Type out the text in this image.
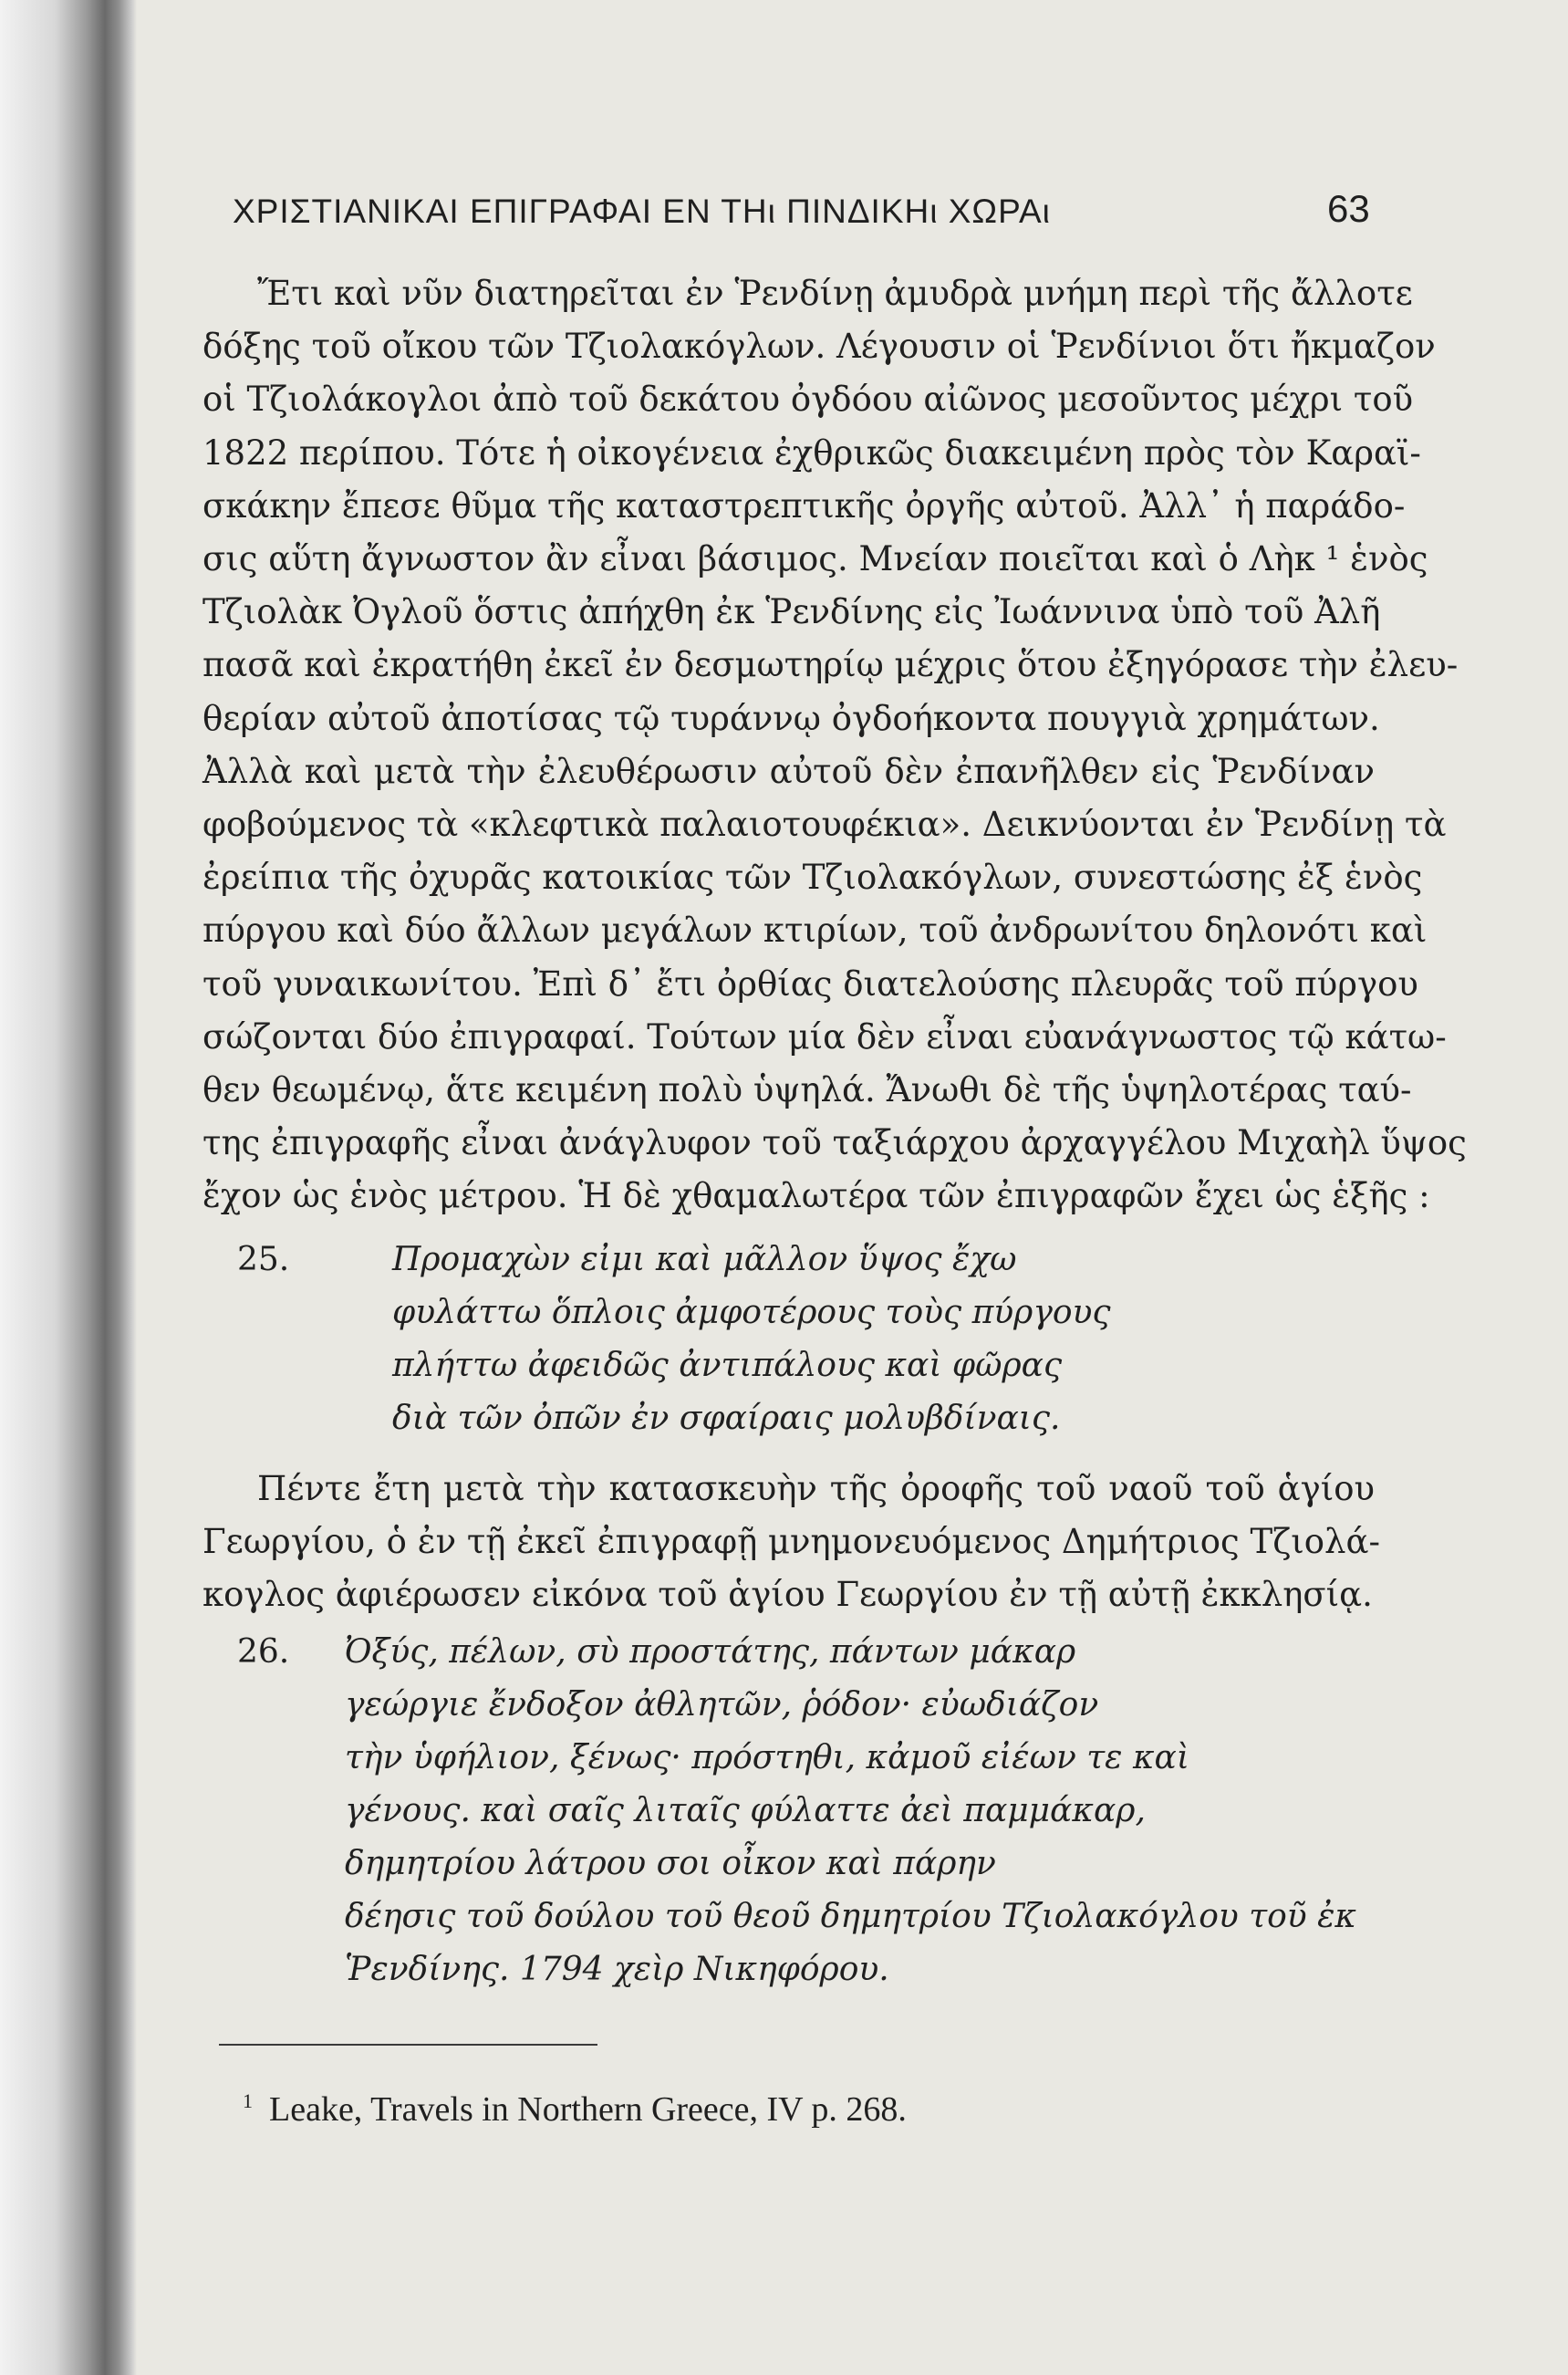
ΧΡΙΣΤΙΑΝΙΚΑΙ ΕΠΙΓΡΑΦΑΙ ΕΝ ΤΗι ΠΙΝΔΙΚΗι ΧΩΡΑι	63
Ἔτι καὶ νῦν διατηρεῖται ἐν Ῥενδίνῃ ἀμυδρὰ μνήμη περὶ τῆς ἄλλοτε
δόξης τοῦ οἴκου τῶν Τζιολακόγλων. Λέγουσιν οἱ Ῥενδίνιοι ὅτι ἤκμαζον
οἱ Τζιολάκογλοι ἀπὸ τοῦ δεκάτου ὀγδόου αἰῶνος μεσοῦντος μέχρι τοῦ
1822 περίπου. Τότε ἡ οἰκογένεια ἐχθρικῶς διακειμένη πρὸς τὸν Καραϊ-
σκάκην ἔπεσε θῦμα τῆς καταστρεπτικῆς ὀργῆς αὐτοῦ. Ἀλλ᾽ ἡ παράδο-
σις αὕτη ἄγνωστον ἂν εἶναι βάσιμος. Μνείαν ποιεῖται καὶ ὁ Λὴκ ¹ ἑνὸς
Τζιολὰκ Ὀγλοῦ ὅστις ἀπήχθη ἐκ Ῥενδίνης εἰς Ἰωάννινα ὑπὸ τοῦ Ἀλῆ
πασᾶ καὶ ἐκρατήθη ἐκεῖ ἐν δεσμωτηρίῳ μέχρις ὅτου ἐξηγόρασε τὴν ἐλευ-
θερίαν αὐτοῦ ἀποτίσας τῷ τυράννῳ ὀγδοήκοντα πουγγιὰ χρημάτων.
Ἀλλὰ καὶ μετὰ τὴν ἐλευθέρωσιν αὐτοῦ δὲν ἐπανῆλθεν εἰς Ῥενδίναν
φοβούμενος τὰ «κλεφτικὰ παλαιοτουφέκια». Δεικνύονται ἐν Ῥενδίνῃ τὰ
ἐρείπια τῆς ὀχυρᾶς κατοικίας τῶν Τζιολακόγλων, συνεστώσης ἐξ ἑνὸς
πύργου καὶ δύο ἄλλων μεγάλων κτιρίων, τοῦ ἀνδρωνίτου δηλονότι καὶ
τοῦ γυναικωνίτου. Ἐπὶ δ᾽ ἔτι ὀρθίας διατελούσης πλευρᾶς τοῦ πύργου
σώζονται δύο ἐπιγραφαί. Τούτων μία δὲν εἶναι εὐανάγνωστος τῷ κάτω-
θεν θεωμένῳ, ἅτε κειμένη πολὺ ὑψηλά. Ἄνωθι δὲ τῆς ὑψηλοτέρας ταύ-
της ἐπιγραφῆς εἶναι ἀνάγλυφον τοῦ ταξιάρχου ἀρχαγγέλου Μιχαὴλ ὕψος
ἔχον ὡς ἑνὸς μέτρου. Ἡ δὲ χθαμαλωτέρα τῶν ἐπιγραφῶν ἔχει ὡς ἑξῆς :
25.	Προμαχὼν εἰμι καὶ μᾶλλον ὕψος ἔχω
φυλάττω ὅπλοις ἀμφοτέρους τοὺς πύργους
πλήττω ἀφειδῶς ἀντιπάλους καὶ φῶρας
διὰ τῶν ὀπῶν ἐν σφαίραις μολυβδίναις.
Πέντε ἔτη μετὰ τὴν κατασκευὴν τῆς ὀροφῆς τοῦ ναοῦ τοῦ ἁγίου
Γεωργίου, ὁ ἐν τῇ ἐκεῖ ἐπιγραφῇ μνημονευόμενος Δημήτριος Τζιολά-
κογλος ἀφιέρωσεν εἰκόνα τοῦ ἁγίου Γεωργίου ἐν τῇ αὐτῇ ἐκκλησίᾳ.
26. Ὀξύς, πέλων, σὺ προστάτης, πάντων μάκαρ
γεώργιε ἔνδοξον ἀθλητῶν, ῥόδον· εὐωδιάζον
τὴν ὑφήλιον, ξένως· πρόστηθι, κἀμοῦ εἰέων τε καὶ
γένους. καὶ σαῖς λιταῖς φύλαττε ἀεὶ παμμάκαρ,
δημητρίου λάτρου σοι οἶκον καὶ πάρην
δέησις τοῦ δούλου τοῦ θεοῦ δημητρίου Τζιολακόγλου τοῦ ἐκ
Ῥενδίνης. 1794 χεὶρ Νικηφόρου.
$^1$ Leake, Travels in Northern Greece, IV p. 268.
